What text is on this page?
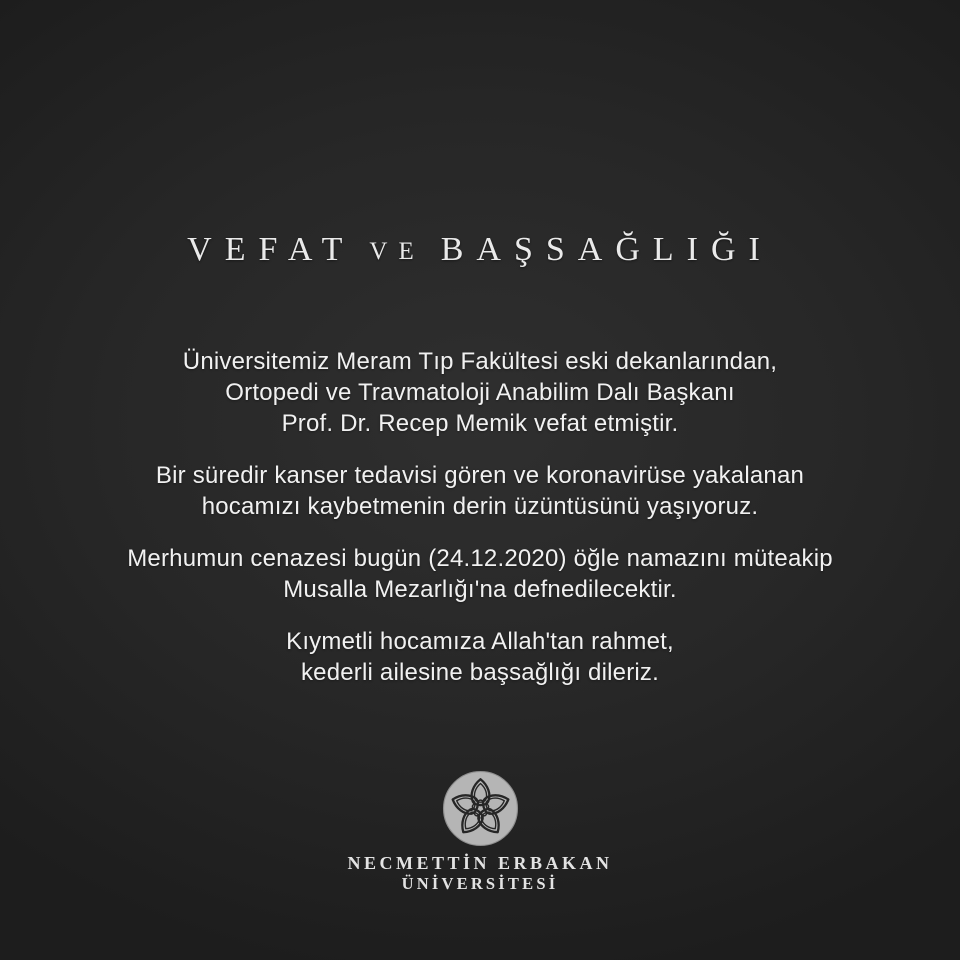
VEFAT VE BAŞSAĞLIĞI

Üniversitemiz Meram Tıp Fakültesi eski dekanlarından,
Ortopedi ve Travmatoloji Anabilim Dalı Başkanı
Prof. Dr. Recep Memik vefat etmiştir.

Bir süredir kanser tedavisi gören ve koronavirüse yakalanan
hocamızı kaybetmenin derin üzüntüsünü yaşıyoruz.

Merhumun cenazesi bugün (24.12.2020) öğle namazını müteakip
Musalla Mezarlığı'na defnedilecektir.

Kıymetli hocamıza Allah'tan rahmet,
kederli ailesine başsağlığı dileriz.

NECMETTİN ERBAKAN
ÜNİVERSİTESİ
